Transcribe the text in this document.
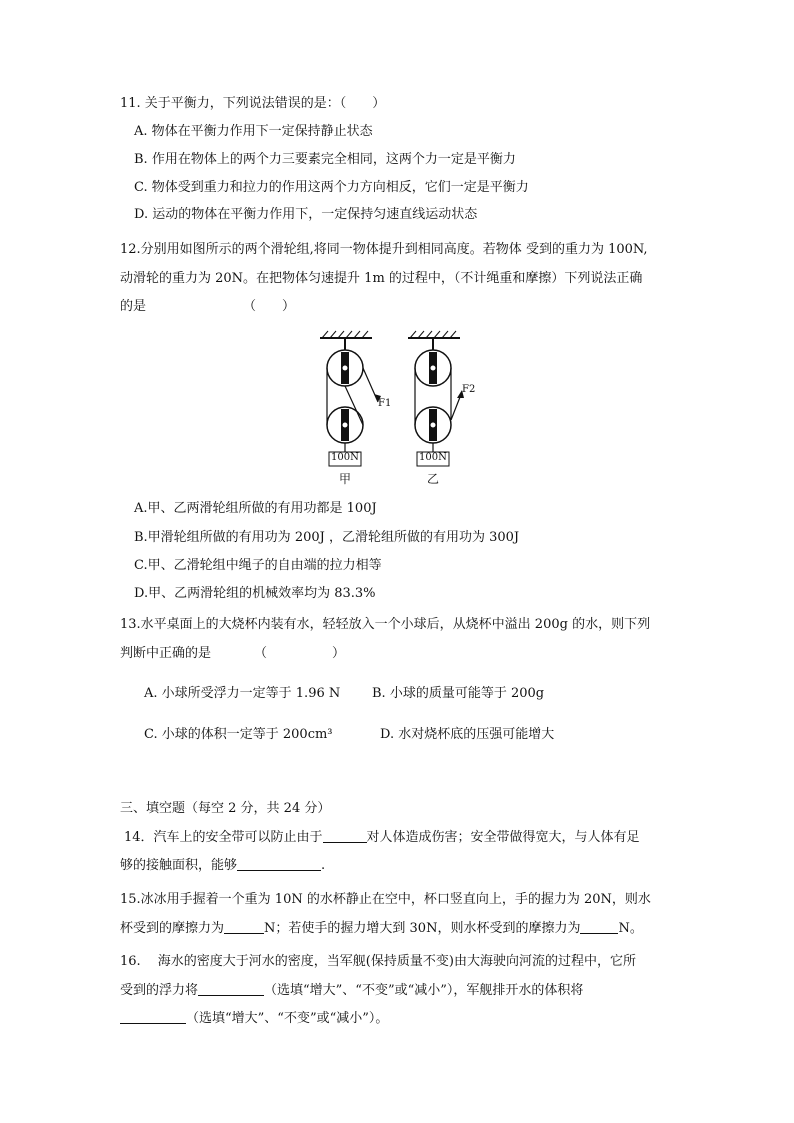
11. 关于平衡力，下列说法错误的是：（　　）
A. 物体在平衡力作用下一定保持静止状态
B. 作用在物体上的两个力三要素完全相同，这两个力一定是平衡力
C. 物体受到重力和拉力的作用这两个力方向相反，它们一定是平衡力
D. 运动的物体在平衡力作用下，一定保持匀速直线运动状态
12.分别用如图所示的两个滑轮组,将同一物体提升到相同高度。若物体 受到的重力为 100N,
动滑轮的重力为 20N。在把物体匀速提升 1m 的过程中，（不计绳重和摩擦）下列说法正确
的是	（　　）
100N	100N
F1
F2
甲	乙
A.甲、乙两滑轮组所做的有用功都是 100J
B.甲滑轮组所做的有用功为 200J ，乙滑轮组所做的有用功为 300J
C.甲、乙滑轮组中绳子的自由端的拉力相等
D.甲、乙两滑轮组的机械效率均为 83.3%
13.水平桌面上的大烧杯内装有水，轻轻放入一个小球后，从烧杯中溢出 200g 的水，则下列
判断中正确的是	（　　　　　）
A. 小球所受浮力一定等于 1.96 N B. 小球的质量可能等于 200g
C. 小球的体积一定等于 200cm³	D. 水对烧杯底的压强可能增大
三、填空题（每空 2 分，共 24 分）
14．汽车上的安全带可以防止由于	对人体造成伤害；安全带做得宽大，与人体有足
够的接触面积，能够	.
15.冰冰用手握着一个重为 10N 的水杯静止在空中，杯口竖直向上，手的握力为 20N，则水
杯受到的摩擦力为	N；若使手的握力增大到 30N，则水杯受到的摩擦力为	N。
16.　 海水的密度大于河水的密度，当军舰(保持质量不变)由大海驶向河流的过程中，它所
受到的浮力将	（选填“增大”、“不变”或“减小”），军舰排开水的体积将
（选填“增大”、“不变”或“减小”）。
